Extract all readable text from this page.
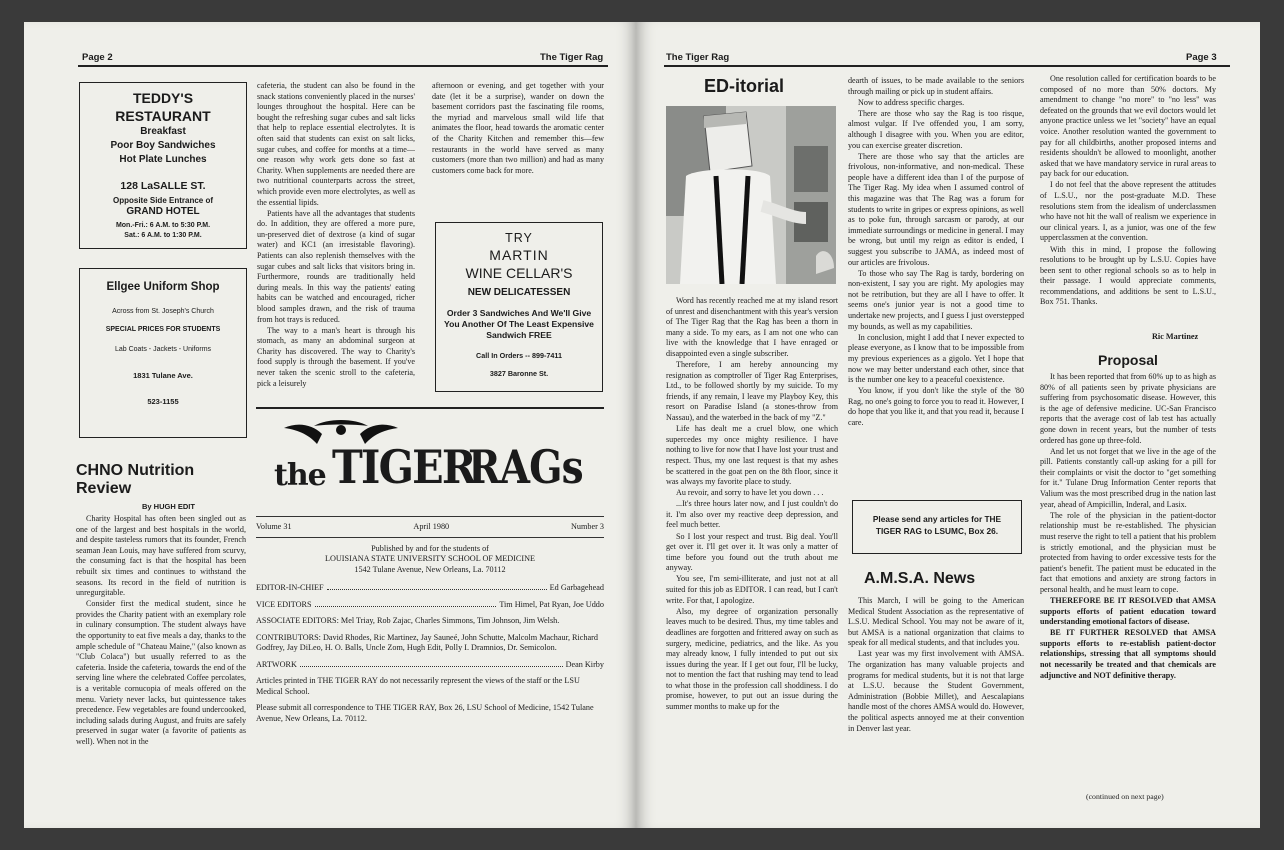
Page 2	The Tiger Rag
TEDDY'S
RESTAURANT
Breakfast
Poor Boy Sandwiches
Hot Plate Lunches
128 LaSALLE ST.
Opposite Side Entrance of
GRAND HOTEL
Mon.-Fri.: 6 A.M. to 5:30 P.M.
Sat.: 6 A.M. to 1:30 P.M.
Ellgee Uniform Shop
Across from St. Joseph's Church
SPECIAL PRICES FOR STUDENTS
Lab Coats - Jackets - Uniforms
1831 Tulane Ave.
523-1155

cafeteria, the student can also be found in the snack stations conveniently placed in the nurses' lounges throughout the hospital. Here can be bought the refreshing sugar cubes and salt licks that help to replace essential electrolytes. It is often said that students can exist on salt licks, sugar cubes, and coffee for months at a time—one reason why work gets done so fast at Charity. When supplements are needed there are two nutritional counterparts across the street, which provide even more electrolytes, as well as the essential lipids.

Patients have all the advantages that students do. In addition, they are offered a more pure, un-preserved diet of dextrose (a kind of sugar water) and KC1 (an irresistable flavoring). Patients can also replenish themselves with the sugar cubes and salt licks that visitors bring in. Furthermore, rounds are traditionally held during meals. In this way the patients' eating habits can be watched and encouraged, richer blood samples drawn, and the risk of trauma from hot trays is reduced.

The way to a man's heart is through his stomach, as many an abdominal surgeon at Charity has discovered. The way to Charity's food supply is through the basement. If you've never taken the scenic stroll to the cafeteria, pick a leisurely

afternoon or evening, and get together with your date (let it be a surprise), wander on down the basement corridors past the fascinating file rooms, the myriad and marvelous small wild life that animates the floor, head towards the aromatic center of the Charity Kitchen and remember this—few restaurants in the world have served as many customers (more than two million) and had as many customers come back for more.

TRY
MARTIN
WINE CELLAR'S
NEW DELICATESSEN
Order 3 Sandwiches And We'll Give You Another Of The Least Expensive Sandwich FREE
Call In Orders -- 899-7411
3827 Baronne St.
the TIGER
RAGs
Volume 31	April 1980	Number 3
Published by and for the students of
LOUISIANA STATE UNIVERSITY SCHOOL OF MEDICINE
1542 Tulane Avenue, New Orleans, La. 70112
EDITOR-IN-CHIEF	Ed Garbagehead
VICE EDITORS	Tim Himel, Pat Ryan, Joe Uddo
ASSOCIATE EDITORS: Mel Triay, Rob Zajac, Charles Simmons, Tim Johnson, Jim Welsh.
CONTRIBUTORS: David Rhodes, Ric Martinez, Jay Sauneé, John Schutte, Malcolm Machaur, Richard Godfrey, Jay DiLeo, H. O. Balls, Uncle Zom, Hugh Edit, Polly I. Dramnios, Dr. Semicolon.
ARTWORK	Dean Kirby
Articles printed in THE TIGER RAY do not necessarily represent the views of the staff or the LSU Medical School.
Please submit all correspondence to THE TIGER RAY, Box 26, LSU School of Medicine, 1542 Tulane Avenue, New Orleans, La. 70112.
CHNO Nutrition
Review
By HUGH EDIT

Charity Hospital has often been singled out as one of the largest and best hospitals in the world, and despite tasteless rumors that its founder, French seaman Jean Louis, may have suffered from scurvy, the consuming fact is that the hospital has been rebuilt six times and continues to withstand the seasons. Its record in the field of nutrition is unregurgitable.

Consider first the medical student, since he provides the Charity patient with an exemplary role in culinary consumption. The student always have the opportunity to eat five meals a day, thanks to the ample schedule of "Chateau Maine," (also known as "Club Colaca") but usually referred to as the cafeteria. Inside the cafeteria, towards the end of the serving line where the celebrated Coffee percolates, is a veritable cornucopia of meals offered on the menu. Variety never lacks, but quintessence takes precedence. Few vegetables are found undercooked, including salads during August, and fruits are safely preserved in sugar water (a favorite of patients as well). When not in the

The Tiger Rag	Page 3
ED-itorial

Word has recently reached me at my island resort of unrest and disenchantment with this year's version of The Tiger Rag that the Rag has been a thorn in many a side. To my ears, as I am not one who can live with the knowledge that I have enraged or disappointed even a single subscriber.

Therefore, I am hereby announcing my resignation as comptroller of Tiger Rag Enterprises, Ltd., to be followed shortly by my suicide. To my friends, if any remain, I leave my Playboy Key, this resort on Paradise Island (a stones-throw from Nassau), and the waterbed in the back of my "Z."

Life has dealt me a cruel blow, one which supercedes my once mighty resilience. I have nothing to live for now that I have lost your trust and respect. Thus, my one last request is that my ashes be scattered in the goat pen on the 8th floor, since it was always my favorite place to study.

Au revoir, and sorry to have let you down . . .

...It's three hours later now, and I just couldn't do it. I'm also over my reactive deep depression, and feel much better.

So I lost your respect and trust. Big deal. You'll get over it. I'll get over it. It was only a matter of time before you found out the truth about me anyway.

You see, I'm semi-illiterate, and just not at all suited for this job as EDITOR. I can read, but I can't write. For that, I apologize.

Also, my degree of organization personally leaves much to be desired. Thus, my time tables and deadlines are forgotten and frittered away on such as surgery, medicine, pediatrics, and the like. As you may already know, I fully intended to put out six issues during the year. If I get out four, I'll be lucky, not to mention the fact that rushing may tend to lead to what those in the profession call shoddiness. I do promise, however, to put out an issue during the summer months to make up for the

dearth of issues, to be made available to the seniors through mailing or pick up in student affairs.

Now to address specific charges.

There are those who say the Rag is too risque, almost vulgar. If I've offended you, I am sorry, although I disagree with you. When you are editor, you can exercise greater discretion.

There are those who say that the articles are frivolous, non-informative, and non-medical. These people have a different idea than I of the purpose of The Tiger Rag. My idea when I assumed control of this magazine was that The Rag was a forum for students to write in gripes or express opinions, as well as to poke fun, through sarcasm or parody, at our immediate surroundings or medicine in general. I may be wrong, but until my reign as editor is ended, I suggest you subscribe to JAMA, as indeed most of our articles are frivolous.

To those who say The Rag is tardy, bordering on non-existent, I say you are right. My apologies may not be retribution, but they are all I have to offer. It seems one's junior year is not a good time to undertake new projects, and I guess I just overstepped my bounds, as well as my capabilities.

In conclusion, might I add that I never expected to please everyone, as I know that to be impossible from my previous experiences as a gigolo. Yet I hope that now we may better understand each other, since that is the number one key to a peaceful coexistence.

You know, if you don't like the style of the '80 Rag, no one's going to force you to read it. However, I do hope that you like it, and that you read it, because I care.

Please send any articles for THE TIGER RAG to LSUMC, Box 26.
A.M.S.A. News

This March, I will be going to the American Medical Student Association as the representative of L.S.U. Medical School. You may not be aware of it, but AMSA is a national organization that claims to speak for all medical students, and that includes you.

Last year was my first involvement with AMSA. The organization has many valuable projects and programs for medical students, but it is not that large at L.S.U. because the Student Government, Administration (Bobbie Millet), and Aescalapians handle most of the chores AMSA would do. However, the political aspects annoyed me at their convention in Denver last year.

One resolution called for certification boards to be composed of no more than 50% doctors. My amendment to change "no more" to "no less" was defeated on the grounds that we evil doctors would let anyone practice unless we let "society" have an equal voice. Another resolution wanted the government to pay for all childbirths, another proposed interns and residents shouldn't be allowed to moonlight, another asked that we have mandatory service in rural areas to pay back for our education.

I do not feel that the above represent the attitudes of L.S.U., nor the post-graduate M.D. These resolutions stem from the idealism of underclassmen who have not hit the wall of realism we experience in our clinical years. I, as a junior, was one of the few upperclassmen at the convention.

With this in mind, I propose the following resolutions to be brought up by L.S.U. Copies have been sent to other regional schools so as to help in their passage. I would appreciate comments, recommendations, and additions be sent to L.S.U., Box 751. Thanks.

Ric Martinez
Proposal

It has been reported that from 60% up to as high as 80% of all patients seen by private physicians are suffering from psychosomatic disease. However, this is the age of defensive medicine. UC-San Francisco reports that the average cost of lab test has actually gone down in recent years, but the number of tests ordered has gone up three-fold.

And let us not forget that we live in the age of the pill. Patients constantly call-up asking for a pill for their complaints or visit the doctor to "get something for it." Tulane Drug Information Center reports that Valium was the most prescribed drug in the nation last year, ahead of Ampicillin, Inderal, and Lasix.

The role of the physician in the patient-doctor relationship must be re-established. The physician must reserve the right to tell a patient that his problem is strictly emotional, and the physician must be protected from having to order excessive tests for the patient's benefit. The patient must be educated in the fact that emotions and anxiety are strong factors in personal health, and he must learn to cope.

THEREFORE BE IT RESOLVED that AMSA supports efforts of patient education toward understanding emotional factors of disease.

BE IT FURTHER RESOLVED that AMSA supports efforts to re-establish patient-doctor relationships, stressing that all symptoms should not necessarily be treated and that chemicals are adjunctive and NOT definitive therapy.

(continued on next page)
